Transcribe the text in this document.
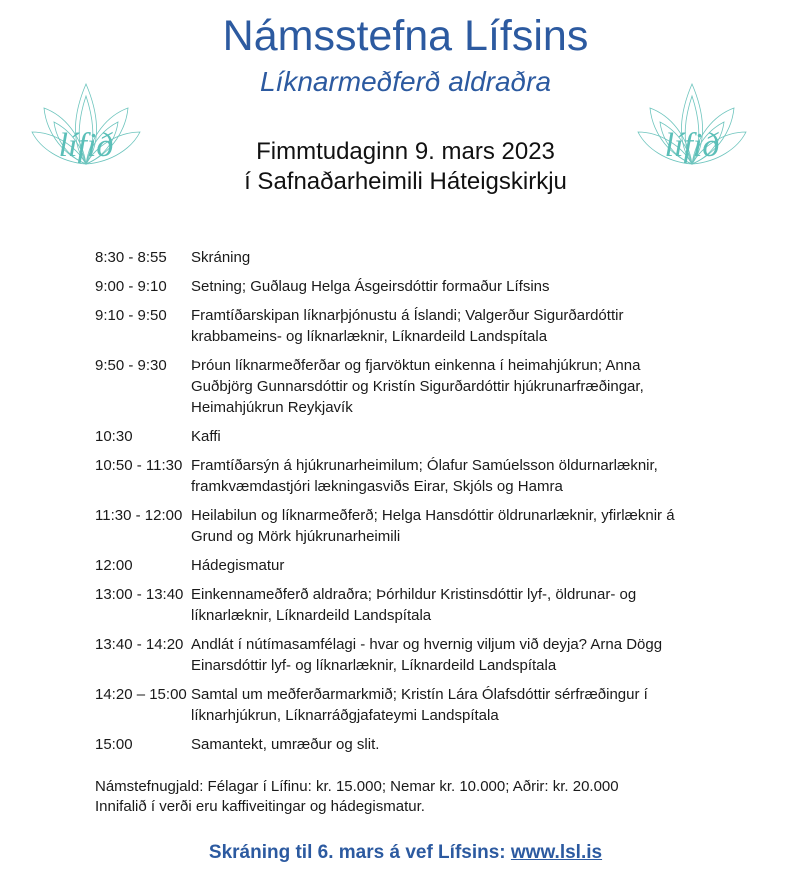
lífið	lífið
Námsstefna Lífsins
Líknarmeðferð aldraðra
Fimmtudaginn 9. mars 2023
í Safnaðarheimili Háteigskirkju
8:30 - 8:55	Skráning
9:00 - 9:10	Setning; Guðlaug Helga Ásgeirsdóttir formaður Lífsins
9:10 - 9:50	Framtíðarskipan líknarþjónustu á Íslandi; Valgerður Sigurðardóttir
krabbameins- og líknarlæknir, Líknardeild Landspítala
9:50 - 9:30	Þróun líknarmeðferðar og fjarvöktun einkenna í heimahjúkrun; Anna
Guðbjörg Gunnarsdóttir og Kristín Sigurðardóttir hjúkrunarfræðingar,
Heimahjúkrun Reykjavík
10:30	Kaffi
10:50 - 11:30 Framtíðarsýn á hjúkrunarheimilum; Ólafur Samúelsson öldurnarlæknir,
framkvæmdastjóri lækningasviðs Eirar, Skjóls og Hamra
11:30 - 12:00 Heilabilun og líknarmeðferð; Helga Hansdóttir öldrunarlæknir, yfirlæknir á
Grund og Mörk hjúkrunarheimili
12:00	Hádegismatur
13:00 - 13:40 Einkennameðferð aldraðra; Þórhildur Kristinsdóttir lyf-, öldrunar- og
líknarlæknir, Líknardeild Landspítala
13:40 - 14:20 Andlát í nútímasamfélagi - hvar og hvernig viljum við deyja? Arna Dögg
Einarsdóttir lyf- og líknarlæknir, Líknardeild Landspítala
14:20 – 15:00 Samtal um meðferðarmarkmið; Kristín Lára Ólafsdóttir sérfræðingur í
líknarhjúkrun, Líknarráðgjafateymi Landspítala
15:00	Samantekt, umræður og slit.
Námstefnugjald: Félagar í Lífinu: kr. 15.000; Nemar kr. 10.000; Aðrir: kr. 20.000
Innifalið í verði eru kaffiveitingar og hádegismatur.
Skráning til 6. mars á vef Lífsins: www.lsl.is
